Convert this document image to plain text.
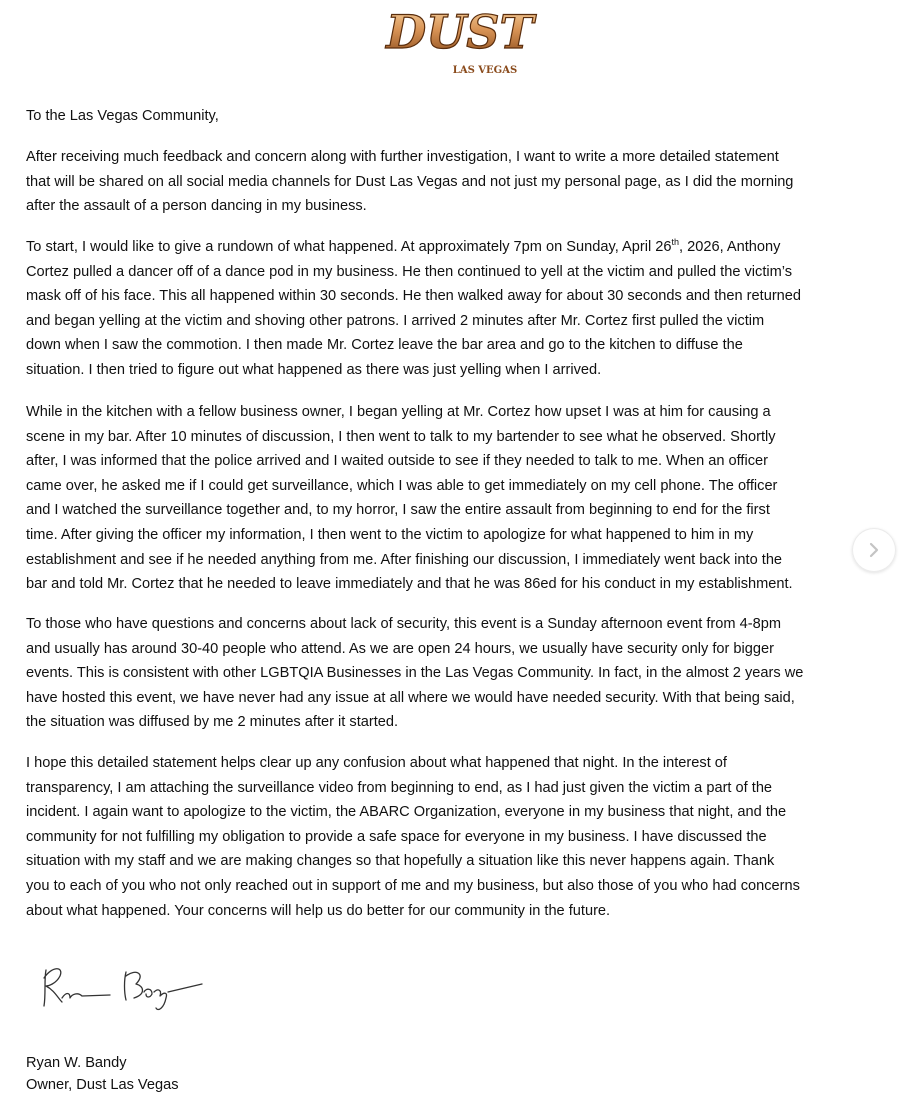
DUST
LAS VEGAS
To the Las Vegas Community,
After receiving much feedback and concern along with further investigation, I want to write a more detailed statement
that will be shared on all social media channels for Dust Las Vegas and not just my personal page, as I did the morning
after the assault of a person dancing in my business.
To start, I would like to give a rundown of what happened. At approximately 7pm on Sunday, April 26th, 2026, Anthony
Cortez pulled a dancer off of a dance pod in my business. He then continued to yell at the victim and pulled the victim’s
mask off of his face. This all happened within 30 seconds. He then walked away for about 30 seconds and then returned
and began yelling at the victim and shoving other patrons. I arrived 2 minutes after Mr. Cortez first pulled the victim
down when I saw the commotion. I then made Mr. Cortez leave the bar area and go to the kitchen to diffuse the
situation. I then tried to figure out what happened as there was just yelling when I arrived.
While in the kitchen with a fellow business owner, I began yelling at Mr. Cortez how upset I was at him for causing a
scene in my bar. After 10 minutes of discussion, I then went to talk to my bartender to see what he observed. Shortly
after, I was informed that the police arrived and I waited outside to see if they needed to talk to me. When an officer
came over, he asked me if I could get surveillance, which I was able to get immediately on my cell phone. The officer
and I watched the surveillance together and, to my horror, I saw the entire assault from beginning to end for the first
time. After giving the officer my information, I then went to the victim to apologize for what happened to him in my
establishment and see if he needed anything from me. After finishing our discussion, I immediately went back into the
bar and told Mr. Cortez that he needed to leave immediately and that he was 86ed for his conduct in my establishment.
To those who have questions and concerns about lack of security, this event is a Sunday afternoon event from 4-8pm
and usually has around 30-40 people who attend. As we are open 24 hours, we usually have security only for bigger
events. This is consistent with other LGBTQIA Businesses in the Las Vegas Community. In fact, in the almost 2 years we
have hosted this event, we have never had any issue at all where we would have needed security. With that being said,
the situation was diffused by me 2 minutes after it started.
I hope this detailed statement helps clear up any confusion about what happened that night. In the interest of
transparency, I am attaching the surveillance video from beginning to end, as I had just given the victim a part of the
incident. I again want to apologize to the victim, the ABARC Organization, everyone in my business that night, and the
community for not fulfilling my obligation to provide a safe space for everyone in my business. I have discussed the
situation with my staff and we are making changes so that hopefully a situation like this never happens again. Thank
you to each of you who not only reached out in support of me and my business, but also those of you who had concerns
about what happened. Your concerns will help us do better for our community in the future.
Ryan W. Bandy
Owner, Dust Las Vegas
